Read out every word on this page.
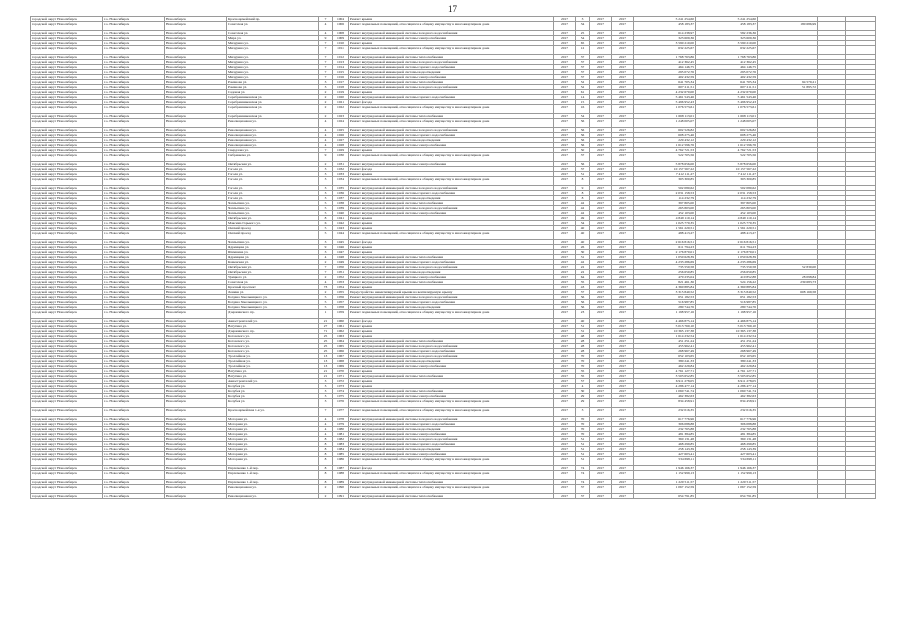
17
городской округ Новосибирск	г.о. Новосибирск	Новосибирск	Красноармейский пр.	7	1004	Ремонт крыши	2017	3	2017	2017	5 241 254,60	5 241 254,60			
городской округ Новосибирск	г.о. Новосибирск	Новосибирск	Советская ул.	4	1006	Ремонт подвальных помещений, относящихся к общему имуществу в многоквартирном доме	2017	34	2017	2017	458 183,37	458 183,37	180 686,99		
городской округ Новосибирск	г.о. Новосибирск	Новосибирск	Советская ул.	4	1008	Ремонт внутридомовой инженерной системы холодного водоснабжения	2017	25	2017	2017	614 238,97	582 236,36			
городской округ Новосибирск	г.о. Новосибирск	Новосибирск	Мира ул.	9	1009	Ремонт внутридомовой инженерной системы электроснабжения	2017	54	2017	2017	323 609,36	323 609,36			
городской округ Новосибирск	г.о. Новосибирск	Новосибирск	Мичурина ул.	7	1010	Ремонт крыши	2017	65	2017	2017	3 590 210,00	3 590 210,00			
городской округ Новосибирск	г.о. Новосибирск	Новосибирск	Мичурина ул.	7	1011	Ремонт подвальных помещений, относящихся к общему имуществу в многоквартирном доме	2017	12	2017	2017	632 225,67	632 225,67			
городской округ Новосибирск	г.о. Новосибирск	Новосибирск	Мичурина ул.	7	1012	Ремонт внутридомовой инженерной системы теплоснабжения	2017	37	2017	2017	1 768 763,86	1 768 763,86			
городской округ Новосибирск	г.о. Новосибирск	Новосибирск	Мичурина ул.	7	1013	Ремонт внутридомовой инженерной системы холодного водоснабжения	2017	37	2017	2017	412 362,45	412 362,45			
городской округ Новосибирск	г.о. Новосибирск	Новосибирск	Мичурина ул.	7	1014	Ремонт внутридомовой инженерной системы горячего водоснабжения	2017	37	2017	2017	464 146,75	464 146,75			
городской округ Новосибирск	г.о. Новосибирск	Новосибирск	Мичурина ул.	7	1015	Ремонт внутридомовой инженерной системы водоотведения	2017	37	2017	2017	295 072,76	295 072,76			
городской округ Новосибирск	г.о. Новосибирск	Новосибирск	Мичурина ул.	7	1016	Ремонт внутридомовой инженерной системы электроснабжения	2017	37	2017	2017	402 432,59	402 432,59			
городской округ Новосибирск	г.о. Новосибирск	Новосибирск	Романова ул.	3	1017	Ремонт внутридомовой инженерной системы теплоснабжения	2017	52	2017	2017	641 705,34	641 705,34	94 579,21		
городской округ Новосибирск	г.о. Новосибирск	Новосибирск	Романова ул.	3	1018	Ремонт внутридомовой инженерной системы холодного водоснабжения	2017	52	2017	2017	607 211,51	607 211,51	51 895,72		
городской округ Новосибирск	г.о. Новосибирск	Новосибирск	Садовая ул.	2	1019	Ремонт крыши	2017	61	2017	2017	4 232 670,00	4 232 670,00			
городской округ Новосибирск	г.о. Новосибирск	Новосибирск	Серебренниковская ул.	2	1020	Ремонт внутридомовой инженерной системы горячего водоснабжения	2017	14	2017	2017	5 461 543,46	5 461 543,46			
городской округ Новосибирск	г.о. Новосибирск	Новосибирск	Серебренниковская ул.	2	1021	Ремонт фасада	2017	15	2017	2017	5 496 952,43	5 496 952,43			
городской округ Новосибирск	г.о. Новосибирск	Новосибирск	Серебренниковская ул.	2	1022	Ремонт подвальных помещений, относящихся к общему имуществу в многоквартирном доме	2017	16	2017	2017	1 076 573,61	1 076 573,61			
городской округ Новосибирск	г.о. Новосибирск	Новосибирск	Серебренниковская ул.	2	1023	Ремонт внутридомовой инженерной системы теплоснабжения	2017	54	2017	2017	1 668 113,01	1 668 113,01			
городской округ Новосибирск	г.о. Новосибирск	Новосибирск	Революционная ул.	4	1024	Ремонт подвальных помещений, относящихся к общему имуществу в многоквартирном доме	2017	56	2017	2017	1 248 005,07	1 248 005,07			
городской округ Новосибирск	г.о. Новосибирск	Новосибирск	Революционная ул.	4	1025	Ремонт внутридомовой инженерной системы холодного водоснабжения	2017	56	2017	2017	602 526,82	602 526,82			
городской округ Новосибирск	г.о. Новосибирск	Новосибирск	Революционная ул.	4	1026	Ремонт внутридомовой инженерной системы горячего водоснабжения	2017	56	2017	2017	608 275,46	608 275,46			
городской округ Новосибирск	г.о. Новосибирск	Новосибирск	Революционная ул.	4	1027	Ремонт внутридомовой инженерной системы водоотведения	2017	56	2017	2017	229 432,12	229 432,12			
городской округ Новосибирск	г.о. Новосибирск	Новосибирск	Революционная ул.	4	1028	Ремонт внутридомовой инженерной системы электроснабжения	2017	56	2017	2017	1 612 596,76	1 612 596,76			
городской округ Новосибирск	г.о. Новосибирск	Новосибирск	Свердлова ул.	7	1029	Ремонт крыши	2017	50	2017	2017	4 762 721,53	4 762 721,53			
городской округ Новосибирск	г.о. Новосибирск	Новосибирск	Сибревкома ул.	9	1030	Ремонт подвальных помещений, относящихся к общему имуществу в многоквартирном доме	2017	37	2017	2017	522 705,56	522 705,56			
городской округ Новосибирск	г.о. Новосибирск	Новосибирск	Октябрьская ул.	2	1031	Ремонт внутридомовой инженерной системы электроснабжения	2017	56	2017	2017	5 878 656,00	5 878 656,00			
городской округ Новосибирск	г.о. Новосибирск	Новосибирск	Гоголя ул.	3	1032	Ремонт фасада	2017	37	2017	2017	10 157 567,22	10 157 567,22			
городской округ Новосибирск	г.о. Новосибирск	Новосибирск	Гоголя ул.	3	1033	Ремонт крыши	2017	51	2017	2017	7 412 111,27	7 412 111,27			
городской округ Новосибирск	г.о. Новосибирск	Новосибирск	Гоголя ул.	3	1034	Ремонт подвальных помещений, относящихся к общему имуществу в многоквартирном доме	2017	8	2017	2017	303 300,85	303 300,85			
городской округ Новосибирск	г.о. Новосибирск	Новосибирск	Гоголя ул.	3	1035	Ремонт внутридомовой инженерной системы холодного водоснабжения	2017	9	2017	2017	502 080,62	502 080,62			
городской округ Новосибирск	г.о. Новосибирск	Новосибирск	Гоголя ул.	3	1036	Ремонт внутридомовой инженерной системы горячего водоснабжения	2017	8	2017	2017	2 031 158,53	2 031 158,53			
городской округ Новосибирск	г.о. Новосибирск	Новосибирск	Гоголя ул.	3	1037	Ремонт внутридомовой инженерной системы водоотведения	2017	8	2017	2017	114 232,79	114 232,79			
городской округ Новосибирск	г.о. Новосибирск	Новосибирск	Чаплыгина ул.	5	1038	Ремонт внутридомовой инженерной системы теплоснабжения	2017	42	2017	2017	397 805,00	397 805,00			
городской округ Новосибирск	г.о. Новосибирск	Новосибирск	Чаплыгина ул.	5	1039	Ремонт внутридомовой инженерной системы холодного водоснабжения	2017	42	2017	2017	265 803,00	265 803,00			
городской округ Новосибирск	г.о. Новосибирск	Новосибирск	Чаплыгина ул.	5	1040	Ремонт внутридомовой инженерной системы электроснабжения	2017	42	2017	2017	452 103,00	452 103,00			
городской округ Новосибирск	г.о. Новосибирск	Новосибирск	Октябрьская ул.	8	1041	Ремонт крыши	2017	49	2017	2017	4 849 110,14	4 849 110,14			
городской округ Новосибирск	г.о. Новосибирск	Новосибирск	Максима Горького ул.	6	1042	Ремонт крыши	2017	34	2017	2017	1 025 770,35	1 025 770,35			
городской округ Новосибирск	г.о. Новосибирск	Новосибирск	Омский проезд	5	1043	Ремонт крыши	2017	40	2017	2017	1 561 220,51	1 561 220,51			
городской округ Новосибирск	г.о. Новосибирск	Новосибирск	Омский проезд	5	1044	Ремонт подвальных помещений, относящихся к общему имуществу в многоквартирном доме	2017	40	2017	2017	488 413,27	488 413,27			
городской округ Новосибирск	г.о. Новосибирск	Новосибирск	Чаплыгина ул.	3	1045	Ремонт фасада	2017	40	2017	2017	2 616 816,51	2 616 816,51			
городской округ Новосибирск	г.о. Новосибирск	Новосибирск	Ядринцева ул.	9	1046	Ремонт крыши	2017	26	2017	2017	611 794,23	611 794,23			
городской округ Новосибирск	г.о. Новосибирск	Новосибирск	Шамшина ул.	3	1047	Ремонт крыши	2017	30	2017	2017	2 176 870,01	2 176 870,01			
городской округ Новосибирск	г.о. Новосибирск	Новосибирск	Ядринцева ул.	4	1048	Ремонт внутридомовой инженерной системы теплоснабжения	2017	31	2017	2017	1 050 628,39	1 050 628,39			
городской округ Новосибирск	г.о. Новосибирск	Новосибирск	Каменская ул.	2	1049	Ремонт внутридомовой инженерной системы горячего водоснабжения	2017	42	2017	2017	4 233 286,69	4 233 286,69			
городской округ Новосибирск	г.о. Новосибирск	Новосибирск	Октябрьская ул.	7	1050	Ремонт внутридомовой инженерной системы холодного водоснабжения	2017	22	2017	2017	735 550,58	735 550,58	52 830,00		
городской округ Новосибирск	г.о. Новосибирск	Новосибирск	Октябрьская ул.	7	1051	Ремонт внутридомовой инженерной системы водоотведения	2017	22	2017	2017	256 650,85	256 650,85			
городской округ Новосибирск	г.о. Новосибирск	Новосибирск	Урицкого ул.	2	1052	Ремонт внутридомовой инженерной системы электроснабжения	2017	64	2017	2017	470 235,04	410 852,88	28 098,84		
городской округ Новосибирск	г.о. Новосибирск	Новосибирск	Советская ул.	4	1053	Ремонт внутридомовой инженерной системы теплоснабжения	2017	35	2017	2017	821 461,36	524 156,22	239 683,73		
городской округ Новосибирск	г.о. Новосибирск	Новосибирск	Красный проспект	73	1054	Ремонт крыши	2017	43	2017	2017	4 360 885,84	4 360 885,84			
городской округ Новосибирск	г.о. Новосибирск	Новосибирск	Ленина ул.	2	1055	Переустройство невентилируемой крыши на вентилируемую крышу	2017	37	2017	2017	3 315 840,52	3 315 840,52	608 169,58		
городской округ Новосибирск	г.о. Новосибирск	Новосибирск	Богдана Хмельницкого ул.	5	1056	Ремонт внутридомовой инженерной системы холодного водоснабжения	2017	56	2017	2017	651 182,53	651 182,53			
городской округ Новосибирск	г.о. Новосибирск	Новосибирск	Богдана Хмельницкого ул.	5	1057	Ремонт внутридомовой инженерной системы горячего водоснабжения	2017	56	2017	2017	516 987,85	516 987,85			
городской округ Новосибирск	г.о. Новосибирск	Новосибирск	Богдана Хмельницкого ул.	5	1058	Ремонт внутридомовой инженерной системы водоотведения	2017	56	2017	2017	280 744,76	280 744,76			
городской округ Новосибирск	г.о. Новосибирск	Новосибирск	Дзержинского пр.	1	1059	Ремонт подвальных помещений, относящихся к общему имуществу в многоквартирном доме	2017	23	2017	2017	1 198 957,16	1 198 957,16			
городской округ Новосибирск	г.о. Новосибирск	Новосибирск	Авиастроителей ул.	21	1060	Ремонт фасада	2017	40	2017	2017	4 466 875,14	4 466 875,14			
городской округ Новосибирск	г.о. Новосибирск	Новосибирск	Ватутина ул.	27	1061	Ремонт крыши	2017	51	2017	2017	5 013 760,10	5 013 760,10			
городской округ Новосибирск	г.о. Новосибирск	Новосибирск	Дзержинского пр.	71	1062	Ремонт крыши	2017	31	2017	2017	10 365 137,38	10 365 137,38			
городской округ Новосибирск	г.о. Новосибирск	Новосибирск	Котовского ул.	25	1063	Ремонт крыши	2017	48	2017	2017	1 614 232,54	1 614 232,54			
городской округ Новосибирск	г.о. Новосибирск	Новосибирск	Котовского ул.	25	1064	Ремонт внутридомовой инженерной системы теплоснабжения	2017	28	2017	2017	451 251,24	451 251,24			
городской округ Новосибирск	г.о. Новосибирск	Новосибирск	Котовского ул.	25	1065	Ремонт внутридомовой инженерной системы холодного водоснабжения	2017	28	2017	2017	455 962,41	455 962,41			
городской округ Новосибирск	г.о. Новосибирск	Новосибирск	Котовского ул.	25	1066	Ремонт внутридомовой инженерной системы горячего водоснабжения	2017	28	2017	2017	268 967,49	268 967,49			
городской округ Новосибирск	г.о. Новосибирск	Новосибирск	Троллейная ул.	13	1067	Ремонт внутридомовой инженерной системы холодного водоснабжения	2017	70	2017	2017	652 103,65	652 103,65			
городской округ Новосибирск	г.о. Новосибирск	Новосибирск	Троллейная ул.	13	1068	Ремонт внутридомовой инженерной системы водоотведения	2017	70	2017	2017	380 241,33	380 241,33			
городской округ Новосибирск	г.о. Новосибирск	Новосибирск	Троллейная ул.	13	1069	Ремонт внутридомовой инженерной системы электроснабжения	2017	70	2017	2017	462 229,84	462 229,84			
городской округ Новосибирск	г.о. Новосибирск	Новосибирск	Ватутина ул.	21	1070	Ремонт крыши	2017	35	2017	2017	4 761 127,71	4 761 127,71			
городской округ Новосибирск	г.о. Новосибирск	Новосибирск	Ватутина ул.	21	1071	Ремонт внутридомовой инженерной системы теплоснабжения	2017	35	2017	2017	3 503 652,85	3 503 652,85			
городской округ Новосибирск	г.о. Новосибирск	Новосибирск	Авиастроителей ул.	3	1072	Ремонт крыши	2017	57	2017	2017	6 911 278,05	6 911 278,05			
городской округ Новосибирск	г.о. Новосибирск	Новосибирск	Кочубея ул.	3	1073	Ремонт крыши	2017	4	2017	2017	4 286 477,14	4 286 477,14			
городской округ Новосибирск	г.о. Новосибирск	Новосибирск	Кочубея ул.	3	1074	Ремонт внутридомовой инженерной системы теплоснабжения	2017	30	2017	2017	1 060 741,74	1 060 741,74			
городской округ Новосибирск	г.о. Новосибирск	Новосибирск	Кочубея ул.	3	1075	Ремонт внутридомовой инженерной системы электроснабжения	2017	29	2017	2017	462 382,63	462 382,63			
городской округ Новосибирск	г.о. Новосибирск	Новосибирск	Кочубея ул.	3	1076	Ремонт подвальных помещений, относящихся к общему имуществу в многоквартирном доме	2017	29	2017	2017	834 458,91	834 458,91			
городской округ Новосибирск	г.о. Новосибирск	Новосибирск	Красноармейская 1-я ул.	7	1077	Ремонт подвальных помещений, относящихся к общему имуществу в многоквартирном доме	2017	3	2017	2017	232 016,35	232 016,35			
городской округ Новосибирск	г.о. Новосибирск	Новосибирск	Моторная ул.	4	1078	Ремонт внутридомовой инженерной системы холодного водоснабжения	2017	70	2017	2017	617 776,96	617 776,96			
городской округ Новосибирск	г.о. Новосибирск	Новосибирск	Моторная ул.	4	1079	Ремонт внутридомовой инженерной системы горячего водоснабжения	2017	70	2017	2017	306 088,88	306 088,88			
городской округ Новосибирск	г.о. Новосибирск	Новосибирск	Моторная ул.	4	1080	Ремонт внутридомовой инженерной системы водоотведения	2017	70	2017	2017	232 765,88	232 765,88			
городской округ Новосибирск	г.о. Новосибирск	Новосибирск	Моторная ул.	4	1081	Ремонт внутридомовой инженерной системы электроснабжения	2017	70	2017	2017	481 384,85	481 384,85			
городской округ Новосибирск	г.о. Новосибирск	Новосибирск	Моторная ул.	8	1082	Ремонт внутридомовой инженерной системы холодного водоснабжения	2017	51	2017	2017	360 131,48	360 131,48			
городской округ Новосибирск	г.о. Новосибирск	Новосибирск	Моторная ул.	8	1083	Ремонт внутридомовой инженерной системы горячего водоснабжения	2017	51	2017	2017	468 299,85	468 299,85			
городской округ Новосибирск	г.о. Новосибирск	Новосибирск	Моторная ул.	8	1084	Ремонт внутридомовой инженерной системы водоотведения	2017	51	2017	2017	258 143,39	258 143,39			
городской округ Новосибирск	г.о. Новосибирск	Новосибирск	Моторная ул.	8	1085	Ремонт внутридомовой инженерной системы электроснабжения	2017	51	2017	2017	427 603,41	427 603,41			
городской округ Новосибирск	г.о. Новосибирск	Новосибирск	Моторная ул.	8	1086	Ремонт подвальных помещений, относящихся к общему имуществу в многоквартирном доме	2017	51	2017	2017	534 698,11	534 698,11			
городской округ Новосибирск	г.о. Новосибирск	Новосибирск	Пархоменко 1-й пер.	8	1087	Ремонт фасада	2017	74	2017	2017	1 946 166,37	1 946 166,37			
городской округ Новосибирск	г.о. Новосибирск	Новосибирск	Пархоменко 1-й пер.	8	1088	Ремонт подвальных помещений, относящихся к общему имуществу в многоквартирном доме	2017	74	2017	2017	1 152 999,13	1 152 999,13			
городской округ Новосибирск	г.о. Новосибирск	Новосибирск	Пархоменко 1-й пер.	8	1089	Ремонт внутридомовой инженерной системы теплоснабжения	2017	74	2017	2017	1 220 511,57	1 220 511,57			
городской округ Новосибирск	г.о. Новосибирск	Новосибирск	Революционная ул.	2	1090	Ремонт подвальных помещений, относящихся к общему имуществу в многоквартирном доме	2017	37	2017	2017	1 067 152,59	1 067 152,59			
городской округ Новосибирск	г.о. Новосибирск	Новосибирск	Революционная ул.	2	1091	Ремонт внутридомовой инженерной системы теплоснабжения	2017	37	2017	2017	654 791,85	654 791,85			
